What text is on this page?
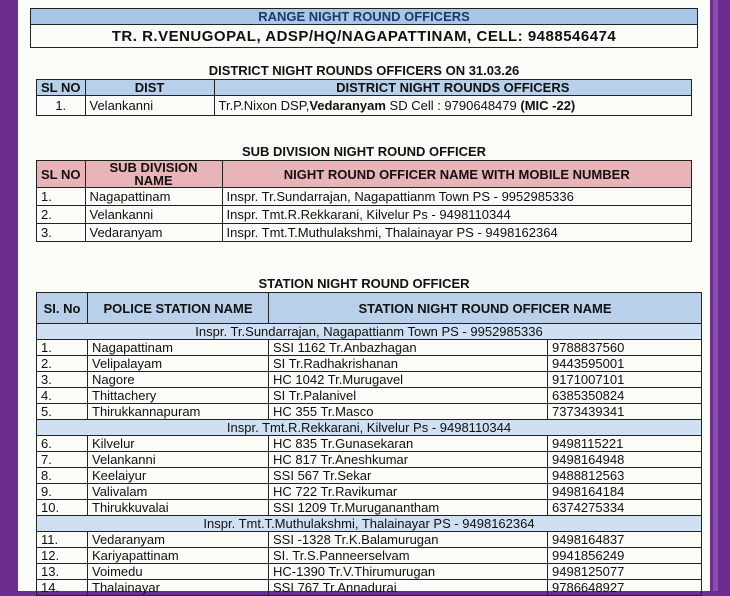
RANGE NIGHT ROUND OFFICERS
TR. R.VENUGOPAL, ADSP/HQ/NAGAPATTINAM, CELL: 9488546474
DISTRICT NIGHT ROUNDS OFFICERS ON 31.03.26
SL NO	DIST	DISTRICT NIGHT ROUNDS OFFICERS
1.	Velankanni	Tr.P.Nixon DSP,Vedaranyam SD Cell : 9790648479 (MIC -22)
SUB DIVISION NIGHT ROUND OFFICER
SL NO	SUB DIVISION NAME	NIGHT ROUND OFFICER NAME WITH MOBILE NUMBER
1.	Nagapattinam	Inspr. Tr.Sundarrajan, Nagapattianm Town PS - 9952985336
2.	Velankanni	Inspr. Tmt.R.Rekkarani, Kilvelur Ps - 9498110344
3.	Vedaranyam	Inspr. Tmt.T.Muthulakshmi, Thalainayar PS - 9498162364
STATION NIGHT ROUND OFFICER
SI. No	POLICE STATION NAME	STATION NIGHT ROUND OFFICER NAME	
Inspr. Tr.Sundarrajan, Nagapattianm Town PS - 9952985336			
1.	Nagapattinam	SSI 1162 Tr.Anbazhagan	9788837560
2.	Velipalayam	SI Tr.Radhakrishanan	9443595001
3.	Nagore	HC 1042 Tr.Murugavel	9171007101
4.	Thittachery	SI Tr.Palanivel	6385350824
5.	Thirukkannapuram	HC 355 Tr.Masco	7373439341
Inspr. Tmt.R.Rekkarani, Kilvelur Ps - 9498110344			
6.	Kilvelur	HC 835 Tr.Gunasekaran	9498115221
7.	Velankanni	HC 817 Tr.Aneshkumar	9498164948
8.	Keelaiyur	SSI 567 Tr.Sekar	9488812563
9.	Valivalam	HC 722 Tr.Ravikumar	9498164184
10.	Thirukkuvalai	SSI 1209 Tr.Muruganantham	6374275334
Inspr. Tmt.T.Muthulakshmi, Thalainayar PS - 9498162364			
11.	Vedaranyam	SSI -1328 Tr.K.Balamurugan	9498164837
12.	Kariyapattinam	SI. Tr.S.Panneerselvam	9941856249
13.	Voimedu	HC-1390 Tr.V.Thirumurugan	9498125077
14.	Thalainayar	SSI 767 Tr.Annadurai	9786648927
